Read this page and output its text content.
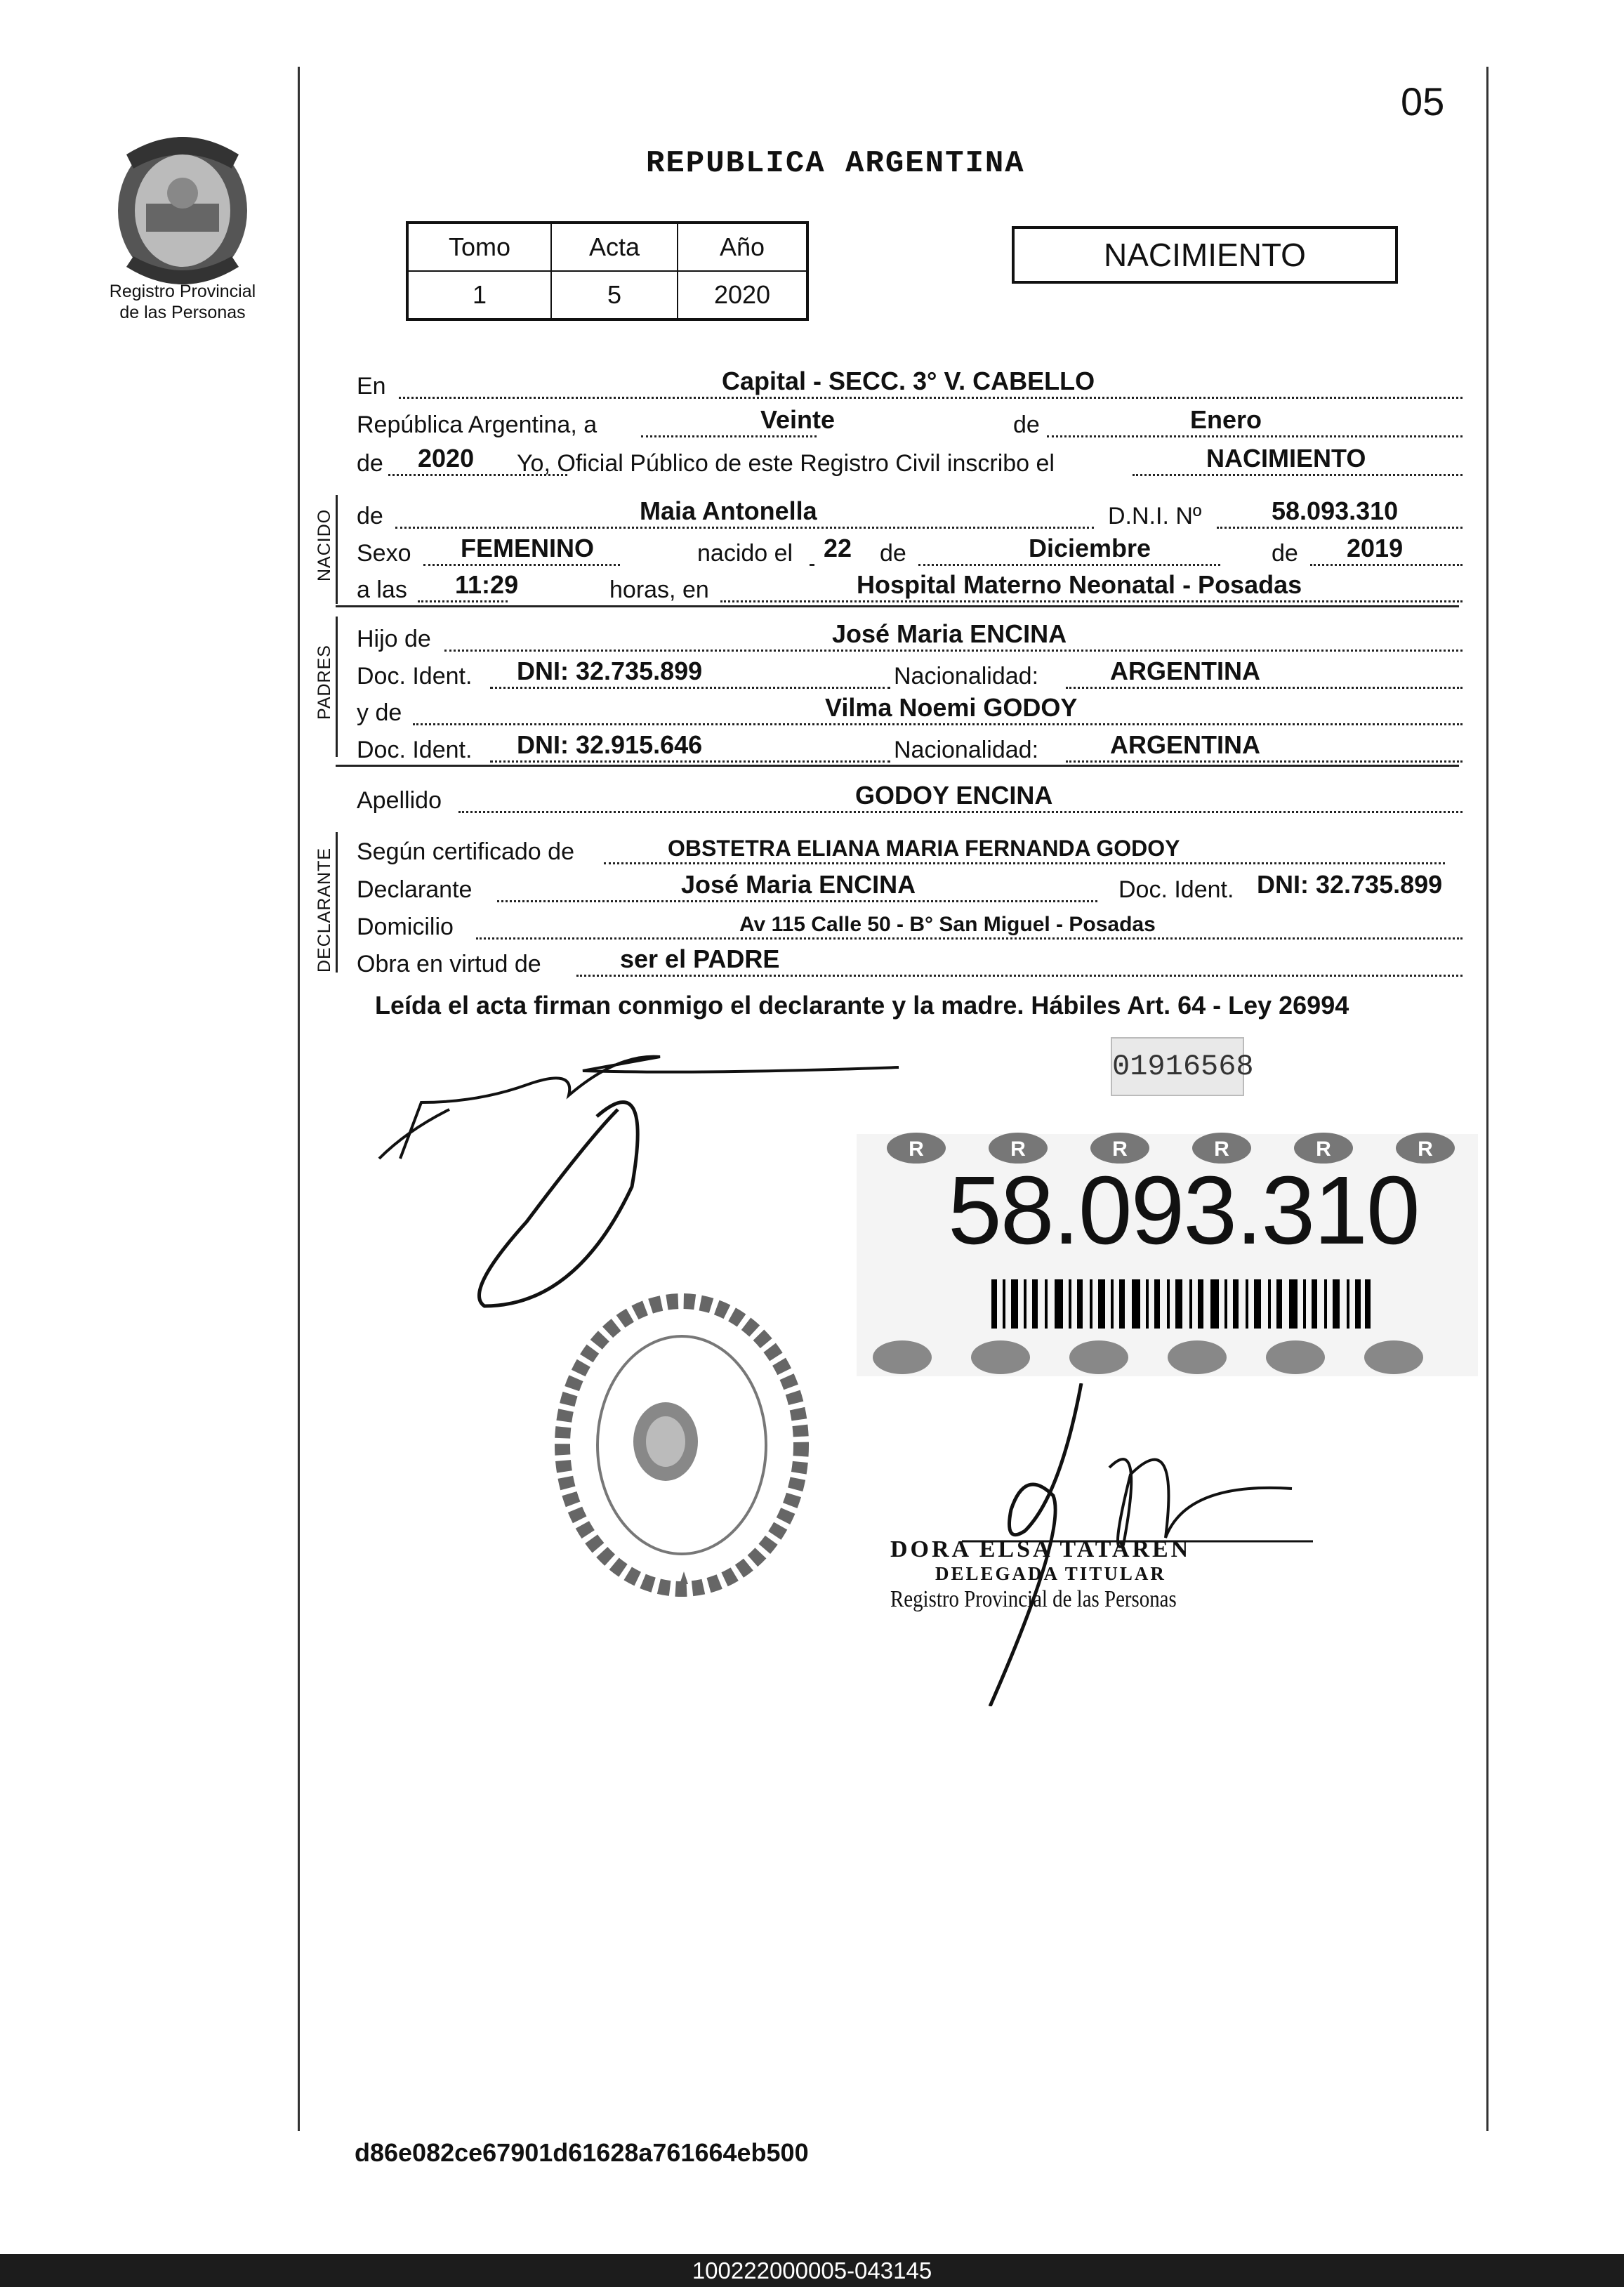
05
Registro Provincial
de las Personas
REPUBLICA ARGENTINA
Tomo	Acta	Año
1	5	2020
NACIMIENTO
En	Capital - SECC. 3° V. CABELLO
República Argentina, a	Veinte	de	Enero
de 2020 Yo, Oficial Público de este Registro Civil inscribo el	NACIMIENTO
NACIDO de	Maia Antonella	D.N.I. Nº	58.093.310
Sexo FEMENINO	nacido el 22 de	Diciembre	de 2019
a las 11:29	horas, en	Hospital Materno Neonatal - Posadas
PADRES
Hijo de	José Maria ENCINA
Doc. Ident. DNI: 32.735.899	Nacionalidad:	ARGENTINA
y de	Vilma Noemi GODOY
Doc. Ident. DNI: 32.915.646	Nacionalidad:	ARGENTINA
Apellido	GODOY ENCINA
DECLARANTE Según certificado de	OBSTETRA ELIANA MARIA FERNANDA GODOY
Declarante	José Maria ENCINA	Doc. Ident. DNI: 32.735.899
Domicilio	Av 115 Calle 50 - B° San Miguel - Posadas
Obra en virtud de	ser el PADRE
Leída el acta firman conmigo el declarante y la madre. Hábiles Art. 64 - Ley 26994
01916568
R	R	R	R	R	R
58.093.310
DORA ELSA TATAREN
DELEGADA TITULAR
Registro Provincial de las Personas
d86e082ce67901d61628a761664eb500
100222000005-043145
